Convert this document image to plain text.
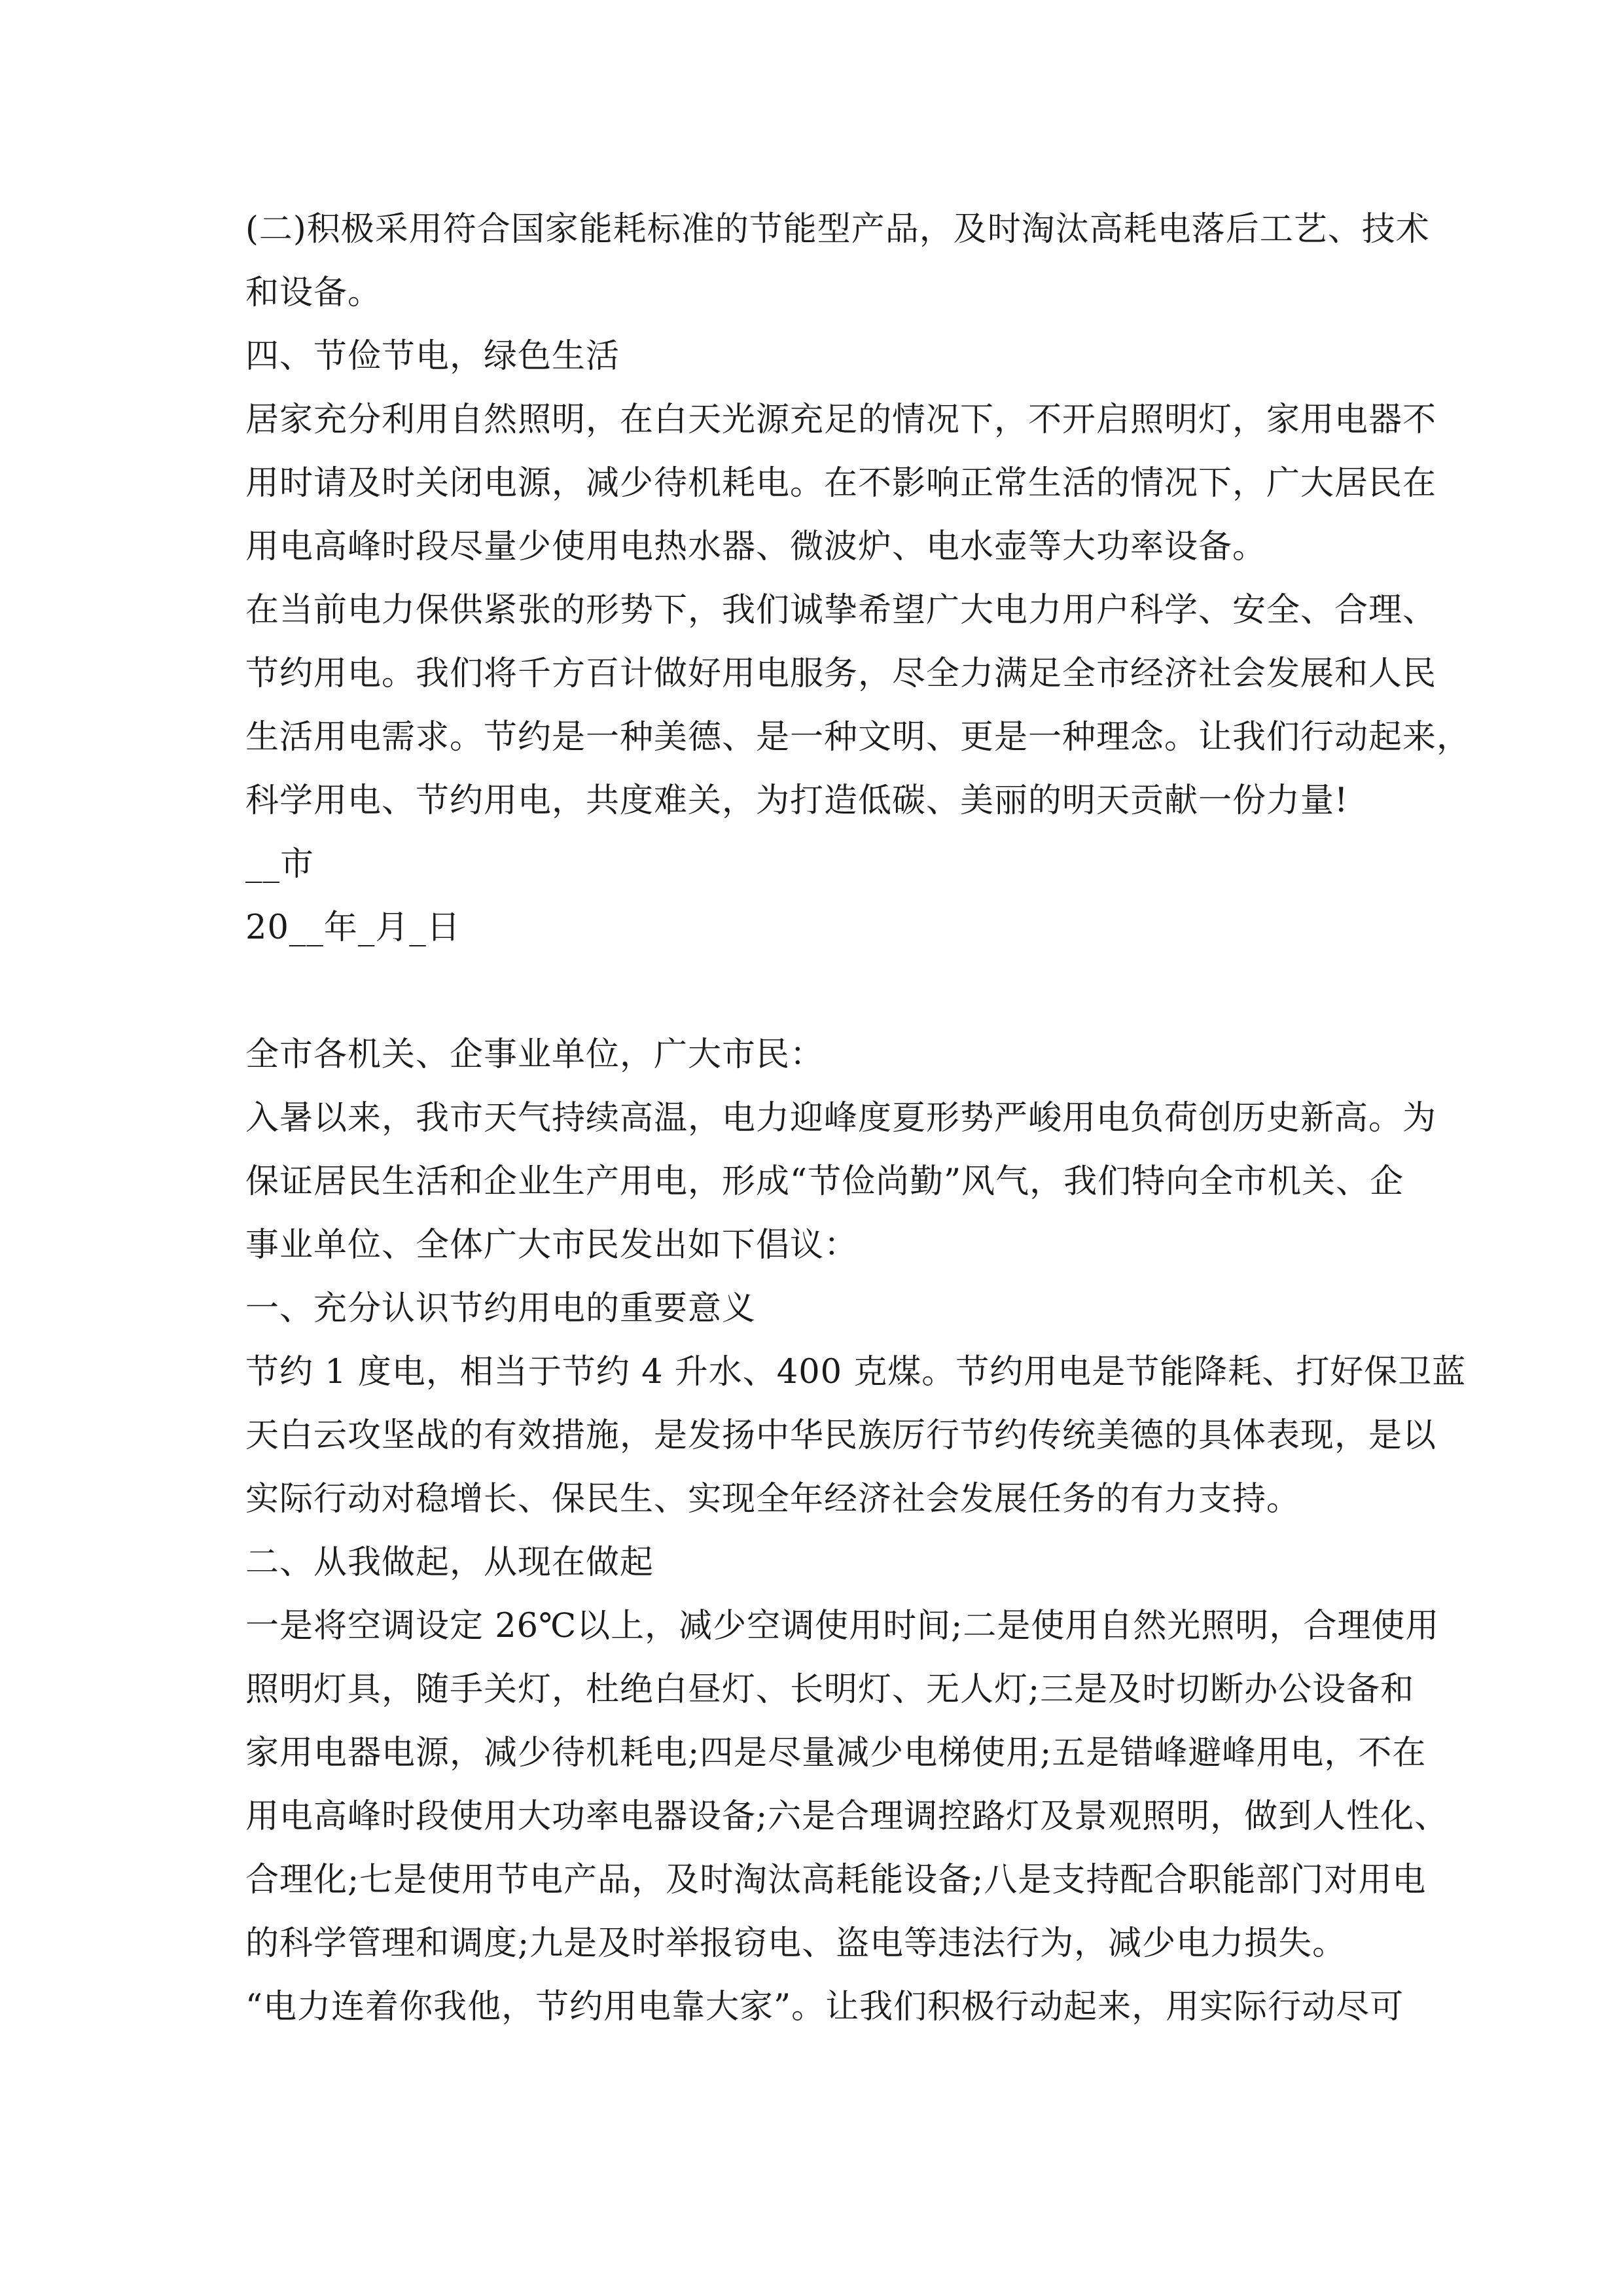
(二)积极采用符合国家能耗标准的节能型产品，及时淘汰高耗电落后工艺、技术
和设备。
四、节俭节电，绿色生活
居家充分利用自然照明，在白天光源充足的情况下，不开启照明灯，家用电器不
用时请及时关闭电源，减少待机耗电。在不影响正常生活的情况下，广大居民在
用电高峰时段尽量少使用电热水器、微波炉、电水壶等大功率设备。
在当前电力保供紧张的形势下，我们诚挚希望广大电力用户科学、安全、合理、
节约用电。我们将千方百计做好用电服务，尽全力满足全市经济社会发展和人民
生活用电需求。节约是一种美德、是一种文明、更是一种理念。让我们行动起来，
科学用电、节约用电，共度难关，为打造低碳、美丽的明天贡献一份力量!
__市
20__年_月_日
全市各机关、企事业单位，广大市民：
入暑以来，我市天气持续高温，电力迎峰度夏形势严峻用电负荷创历史新高。为
保证居民生活和企业生产用电，形成“节俭尚勤”风气，我们特向全市机关、企
事业单位、全体广大市民发出如下倡议：
一、充分认识节约用电的重要意义
节约 1 度电，相当于节约 4 升水、400 克煤。节约用电是节能降耗、打好保卫蓝
天白云攻坚战的有效措施，是发扬中华民族厉行节约传统美德的具体表现，是以
实际行动对稳增长、保民生、实现全年经济社会发展任务的有力支持。
二、从我做起，从现在做起
一是将空调设定 26℃以上，减少空调使用时间;二是使用自然光照明，合理使用
照明灯具，随手关灯，杜绝白昼灯、长明灯、无人灯;三是及时切断办公设备和
家用电器电源，减少待机耗电;四是尽量减少电梯使用;五是错峰避峰用电，不在
用电高峰时段使用大功率电器设备;六是合理调控路灯及景观照明，做到人性化、
合理化;七是使用节电产品，及时淘汰高耗能设备;八是支持配合职能部门对用电
的科学管理和调度;九是及时举报窃电、盗电等违法行为，减少电力损失。
“电力连着你我他，节约用电靠大家”。让我们积极行动起来，用实际行动尽可
